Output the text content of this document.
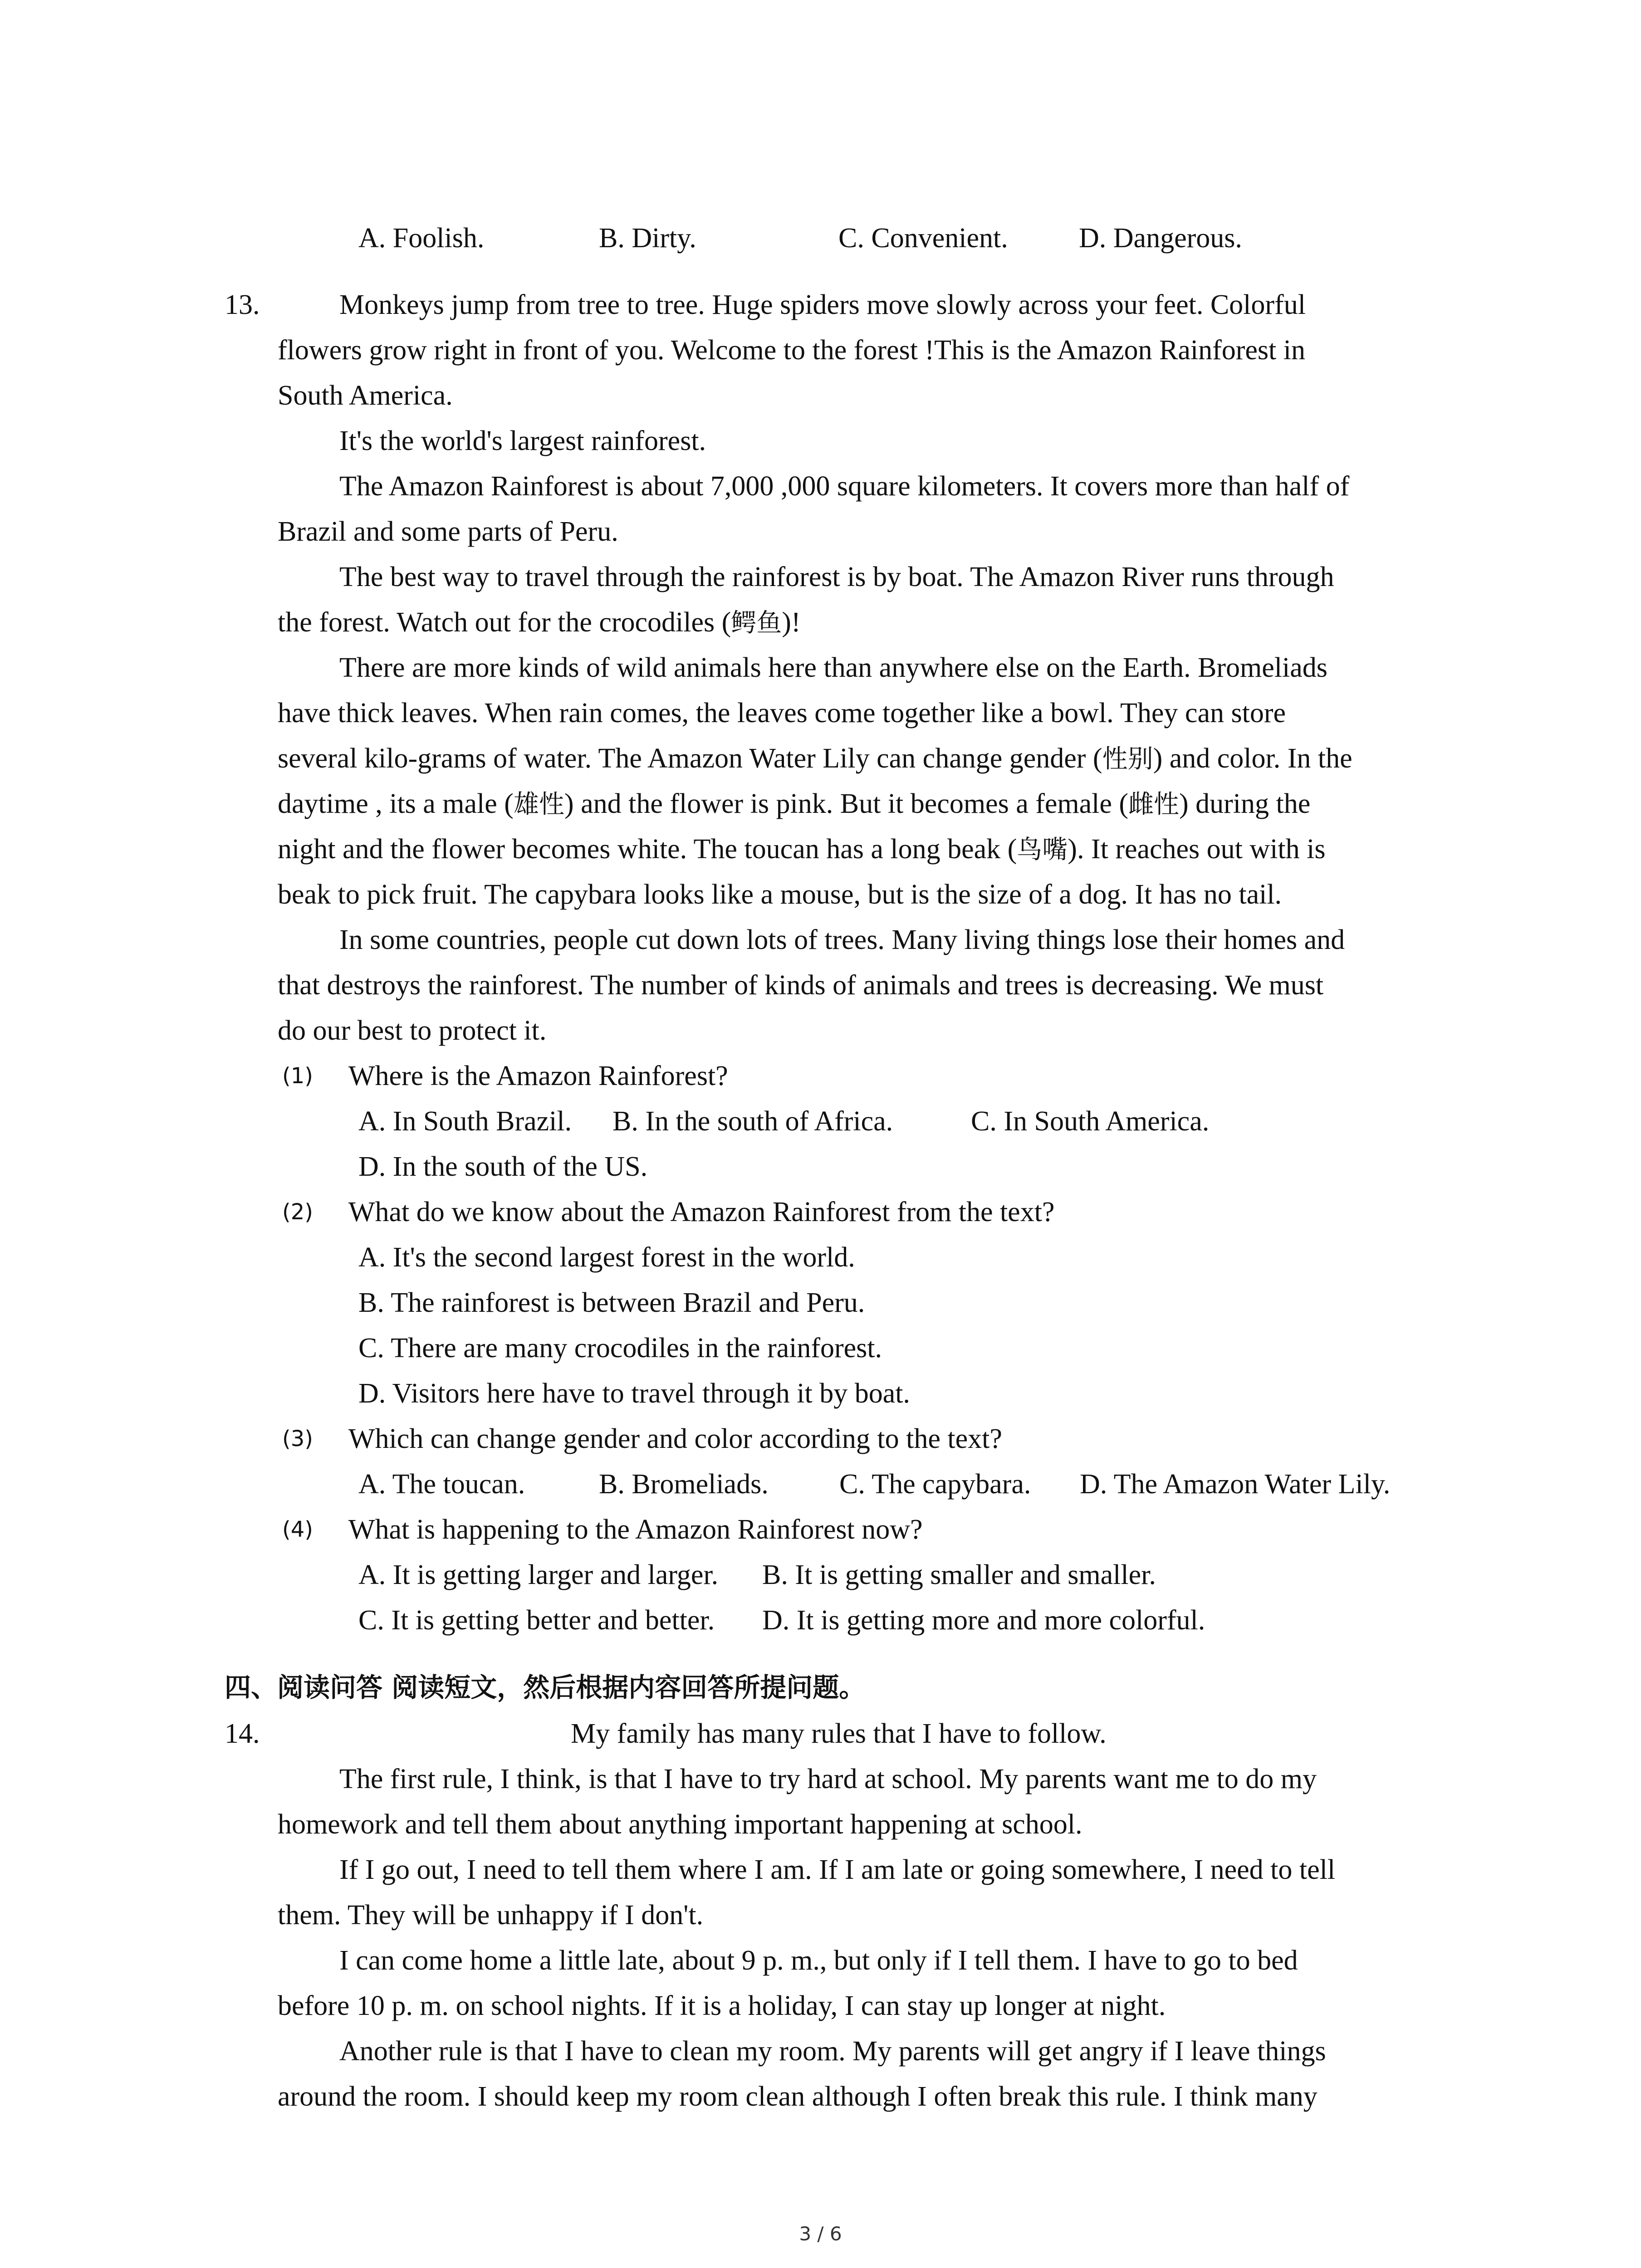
A. Foolish.	B. Dirty.	C. Convenient.	D. Dangerous.
13.	Monkeys jump from tree to tree. Huge spiders move slowly across your feet. Colorful
flowers grow right in front of you. Welcome to the forest !This is the Amazon Rainforest in
South America.
It's the world's largest rainforest.
The Amazon Rainforest is about 7,000 ,000 square kilometers. It covers more than half of
Brazil and some parts of Peru.
The best way to travel through the rainforest is by boat. The Amazon River runs through
the forest. Watch out for the crocodiles (鳄鱼)!
There are more kinds of wild animals here than anywhere else on the Earth. Bromeliads
have thick leaves. When rain comes, the leaves come together like a bowl. They can store
several kilo-grams of water. The Amazon Water Lily can change gender (性别) and color. In the
daytime , its a male (雄性) and the flower is pink. But it becomes a female (雌性) during the
night and the flower becomes white. The toucan has a long beak (鸟嘴). It reaches out with is
beak to pick fruit. The capybara looks like a mouse, but is the size of a dog. It has no tail.
In some countries, people cut down lots of trees. Many living things lose their homes and
that destroys the rainforest. The number of kinds of animals and trees is decreasing. We must
do our best to protect it.
(1) Where is the Amazon Rainforest?
A. In South Brazil. B. In the south of Africa.	C. In South America.
D. In the south of the US.
(2) What do we know about the Amazon Rainforest from the text?
A. It's the second largest forest in the world.
B. The rainforest is between Brazil and Peru.
C. There are many crocodiles in the rainforest.
D. Visitors here have to travel through it by boat.
(3) Which can change gender and color according to the text?
A. The toucan.	B. Bromeliads.	C. The capybara. D. The Amazon Water Lily.
(4) What is happening to the Amazon Rainforest now?
A. It is getting larger and larger. B. It is getting smaller and smaller.
C. It is getting better and better. D. It is getting more and more colorful.
四、阅读问答 阅读短文，然后根据内容回答所提问题。
14.	My family has many rules that I have to follow.
The first rule, I think, is that I have to try hard at school. My parents want me to do my
homework and tell them about anything important happening at school.
If I go out, I need to tell them where I am. If I am late or going somewhere, I need to tell
them. They will be unhappy if I don't.
I can come home a little late, about 9 p. m., but only if I tell them. I have to go to bed
before 10 p. m. on school nights. If it is a holiday, I can stay up longer at night.
Another rule is that I have to clean my room. My parents will get angry if I leave things
around the room. I should keep my room clean although I often break this rule. I think many
3 / 6
